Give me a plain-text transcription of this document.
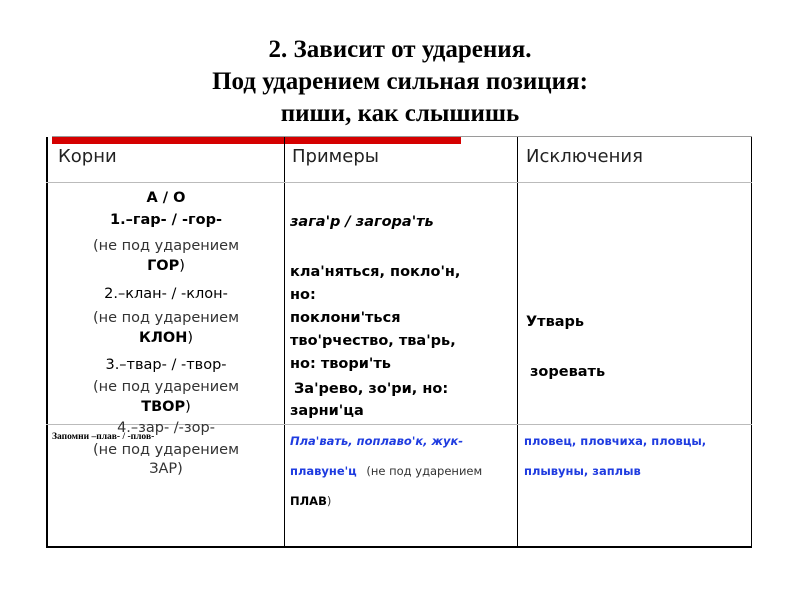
2. Зависит от ударения.
Под ударением сильная позиция:
пиши, как слышишь
Корни	Примеры	Исключения
А / О
1.–гар- / -гор-
(не под ударением
ГОР)
2.–клан- / -клон-
(не под ударением
КЛОН)
3.–твар- / -твор-
(не под ударением
ТВОР)
4.–зар- /-зор-
(не под ударением
ЗАР)
Запомни –плав- / -плов-
зага'р / загора'ть
кла'няться, покло'н,
но:
поклони'ться
тво'рчество, тва'рь,
но: твори'ть
За'рево, зо'ри, но:
зарни'ца
Пла'вать, поплаво'к, жук-
плавуне'ц (не под ударением
ПЛАВ)
Утварь
зоревать
пловец, пловчиха, пловцы,
плывуны, заплыв
